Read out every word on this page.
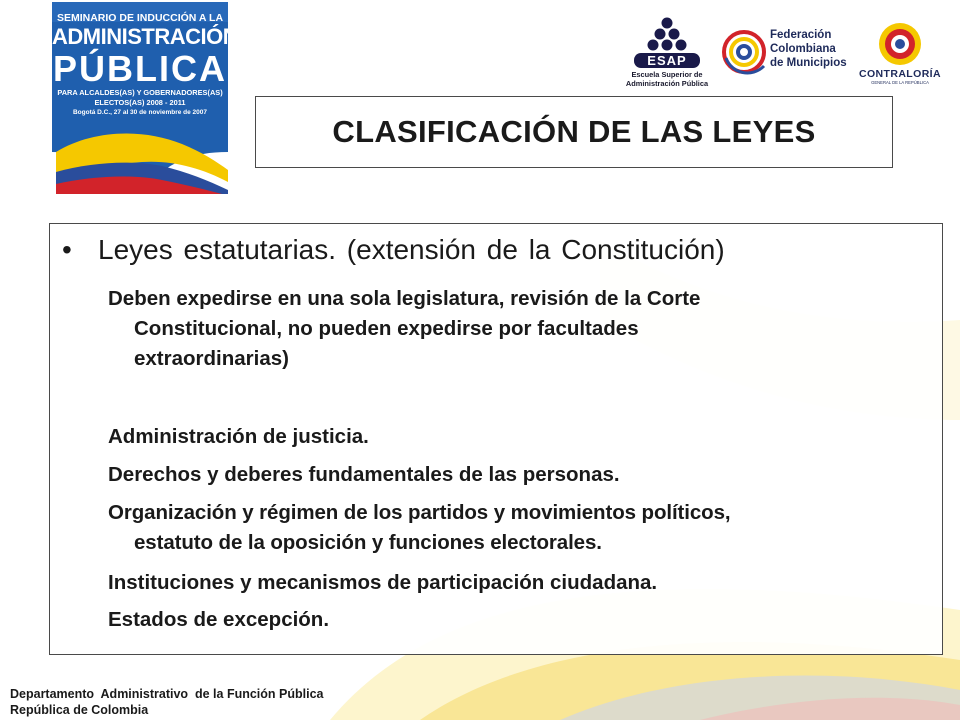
SEMINARIO DE INDUCCIÓN A LA
ADMINISTRACIÓN
PÚBLICA
PARA ALCALDES(AS) Y GOBERNADORES(AS)
ELECTOS(AS) 2008 - 2011
Bogotá D.C., 27 al 30 de noviembre de 2007
ESAP
Escuela Superior de
Administración Pública
Federación
Colombiana
de Municipios
CONTRALORÍA
GENERAL DE LA REPÚBLICA
CLASIFICACIÓN DE LAS LEYES
• Leyes estatutarias. (extensión de la Constitución)
Deben expedirse en una sola legislatura, revisión de la Corte
Constitucional, no pueden expedirse por facultades
extraordinarias)
Administración de justicia.
Derechos y deberes fundamentales de las personas.
Organización y régimen de los partidos y movimientos políticos,
estatuto de la oposición y funciones electorales.
Instituciones y mecanismos de participación ciudadana.
Estados de excepción.
Departamento  Administrativo  de la Función Pública
República de Colombia
